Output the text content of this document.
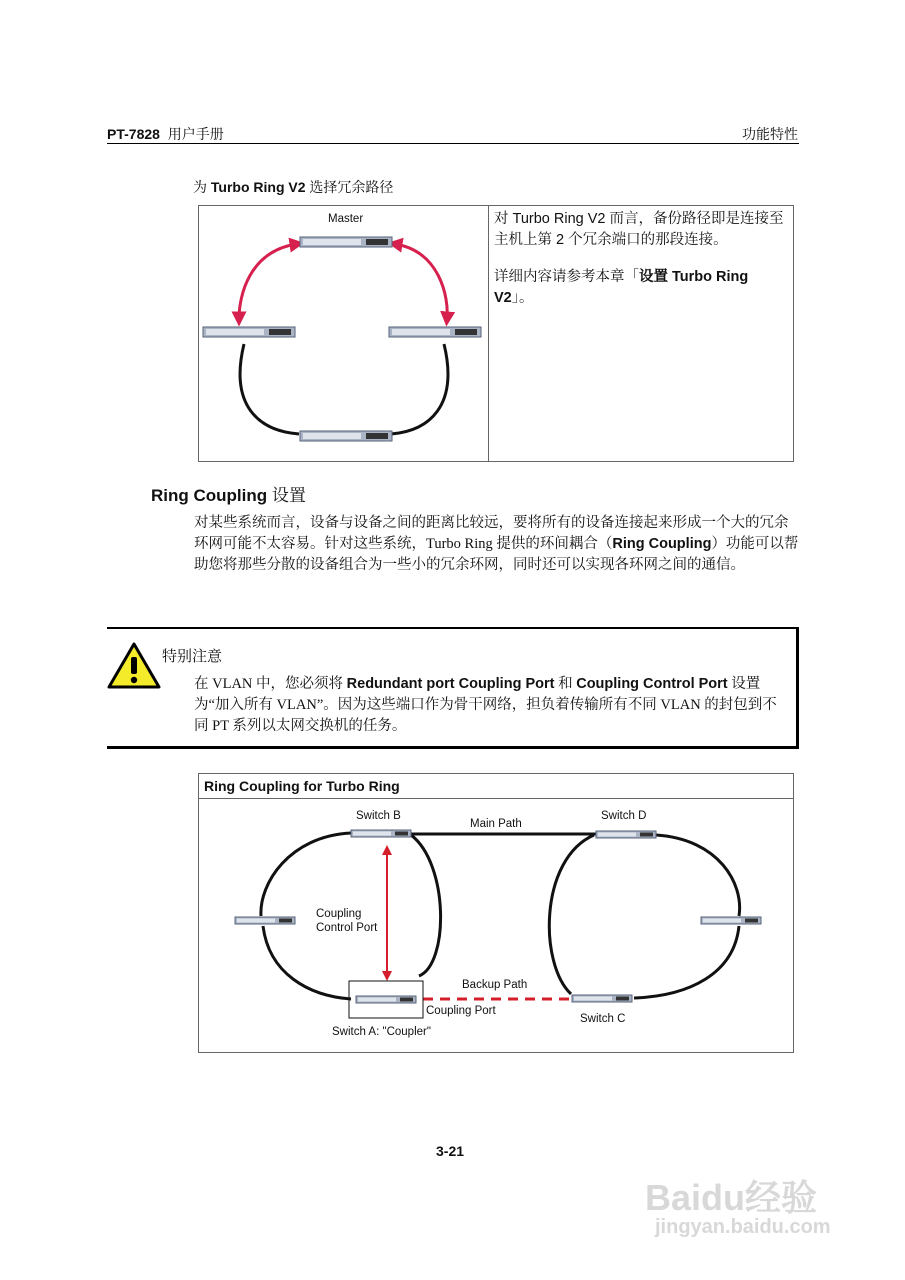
PT-7828 用户手册	功能特性
为 Turbo Ring V2 选择冗余路径
Master	对 Turbo Ring V2 而言，备份路径即是连接至主机上第 2 个冗余端口的那段连接。
详细内容请参考本章「设置 Turbo Ring V2」。
Ring Coupling 设置
对某些系统而言，设备与设备之间的距离比较远，要将所有的设备连接起来形成一个大的冗余环网可能不太容易。针对这些系统，Turbo Ring 提供的环间耦合（Ring Coupling）功能可以帮助您将那些分散的设备组合为一些小的冗余环网，同时还可以实现各环网之间的通信。
特别注意
在 VLAN 中，您必须将 Redundant port Coupling Port 和 Coupling Control Port 设置为“加入所有 VLAN”。因为这些端口作为骨干网络，担负着传输所有不同 VLAN 的封包到不同 PT 系列以太网交换机的任务。
Ring Coupling for Turbo Ring
Switch B	Switch D
Main Path
Coupling
Control Port
Backup Path
Coupling Port
Switch C
Switch A: "Coupler"
3-21
Baidu经验
jingyan.baidu.com
